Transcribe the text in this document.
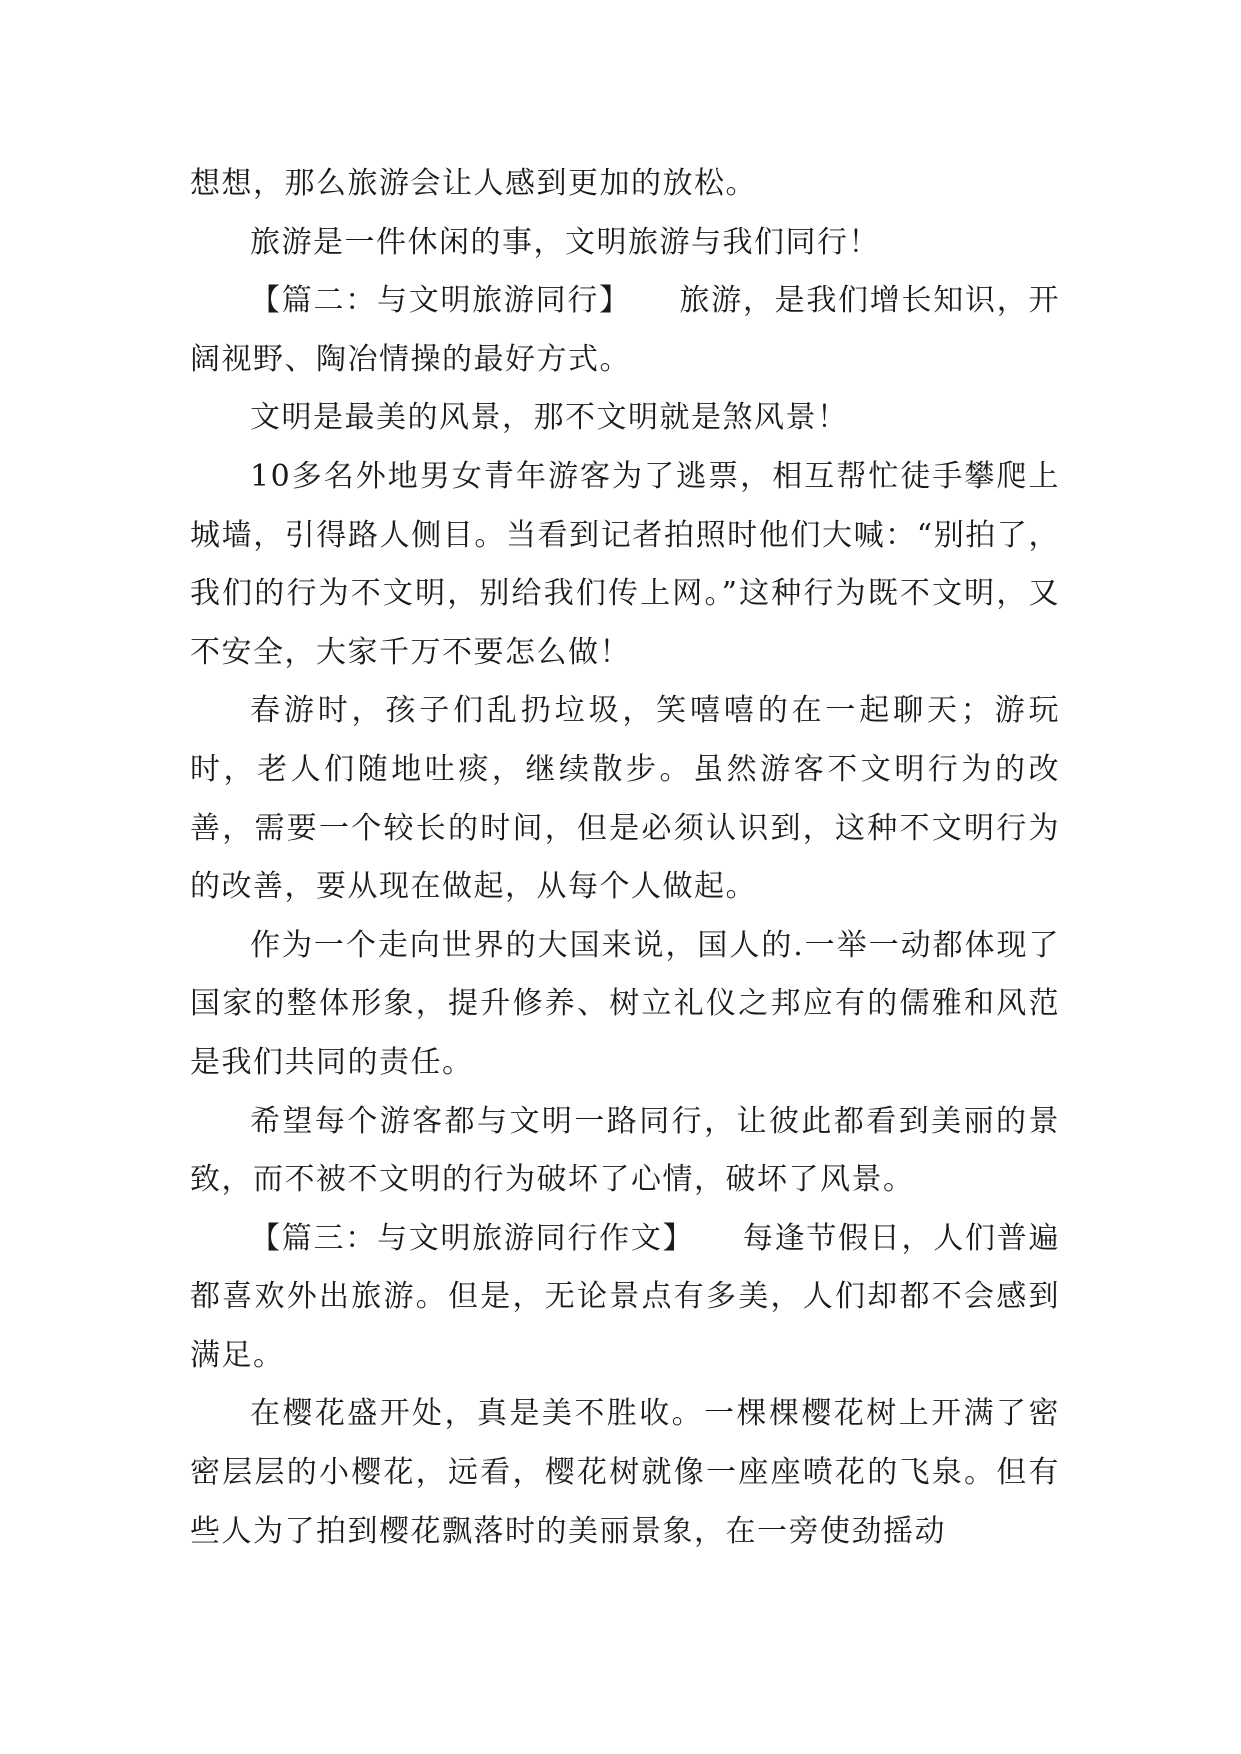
想想，那么旅游会让人感到更加的放松。

旅游是一件休闲的事，文明旅游与我们同行！

【篇二：与文明旅游同行】　　旅游，是我们增长知识，开阔视野、陶冶情操的最好方式。

文明是最美的风景，那不文明就是煞风景！

10多名外地男女青年游客为了逃票，相互帮忙徒手攀爬上城墙，引得路人侧目。当看到记者拍照时他们大喊：“别拍了，我们的行为不文明，别给我们传上网。”这种行为既不文明，又不安全，大家千万不要怎么做！

春游时，孩子们乱扔垃圾，笑嘻嘻的在一起聊天；游玩时，老人们随地吐痰，继续散步。虽然游客不文明行为的改善，需要一个较长的时间，但是必须认识到，这种不文明行为的改善，要从现在做起，从每个人做起。

作为一个走向世界的大国来说，国人的.一举一动都体现了国家的整体形象，提升修养、树立礼仪之邦应有的儒雅和风范是我们共同的责任。

希望每个游客都与文明一路同行，让彼此都看到美丽的景致，而不被不文明的行为破坏了心情，破坏了风景。

【篇三：与文明旅游同行作文】　　每逢节假日，人们普遍都喜欢外出旅游。但是，无论景点有多美，人们却都不会感到满足。

在樱花盛开处，真是美不胜收。一棵棵樱花树上开满了密密层层的小樱花，远看，樱花树就像一座座喷花的飞泉。但有些人为了拍到樱花飘落时的美丽景象，在一旁使劲摇动
